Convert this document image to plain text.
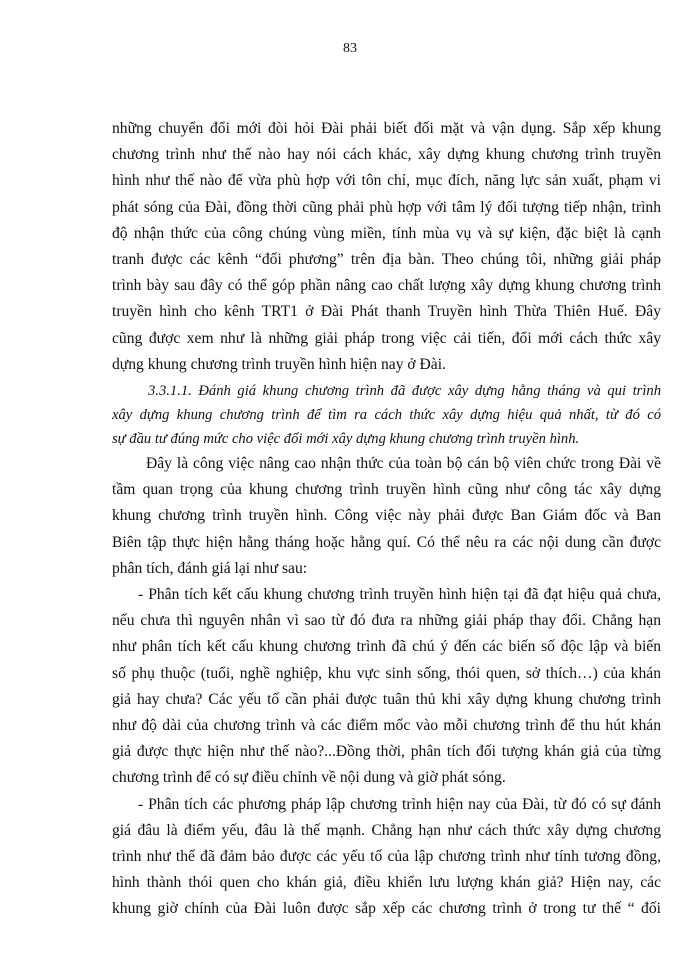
83

những chuyển đổi mới đòi hỏi Đài phải biết đối mặt và vận dụng. Sắp xếp khung
chương trình như thế nào hay nói cách khác, xây dựng khung chương trình truyền
hình như thế nào để vừa phù hợp với tôn chỉ, mục đích, năng lực sản xuất, phạm vi
phát sóng của Đài, đồng thời cũng phải phù hợp với tâm lý đối tượng tiếp nhận, trình
độ nhận thức của công chúng vùng miền, tính mùa vụ và sự kiện, đặc biệt là cạnh
tranh được các kênh “đối phương” trên địa bàn. Theo chúng tôi, những giải pháp
trình bày sau đây có thể góp phần nâng cao chất lượng xây dựng khung chương trình
truyền hình cho kênh TRT1 ở Đài Phát thanh Truyền hình Thừa Thiên Huế. Đây
cũng được xem như là những giải pháp trong việc cải tiến, đổi mới cách thức xây
dựng khung chương trình truyền hình hiện nay ở Đài.

3.3.1.1. Đánh giá khung chương trình đã được xây dựng hằng tháng và qui trình
xây dựng khung chương trình để tìm ra cách thức xây dựng hiệu quả nhất, từ đó có
sự đầu tư đúng mức cho việc đổi mới xây dựng khung chương trình truyền hình.

Đây là công việc nâng cao nhận thức của toàn bộ cán bộ viên chức trong Đài về
tầm quan trọng của khung chương trình truyền hình cũng như công tác xây dựng
khung chương trình truyền hình. Công việc này phải được Ban Giám đốc và Ban
Biên tập thực hiện hằng tháng hoặc hằng quí. Có thể nêu ra các nội dung cần được
phân tích, đánh giá lại như sau:

- Phân tích kết cấu khung chương trình truyền hình hiện tại đã đạt hiệu quả chưa,
nếu chưa thì nguyên nhân vì sao từ đó đưa ra những giải pháp thay đổi. Chẳng hạn
như phân tích kết cấu khung chương trình đã chú ý đến các biến số độc lập và biến
số phụ thuộc (tuổi, nghề nghiệp, khu vực sinh sống, thói quen, sở thích…) của khán
giả hay chưa? Các yếu tố cần phải được tuân thủ khi xây dựng khung chương trình
như độ dài của chương trình và các điểm mốc vào mỗi chương trình để thu hút khán
giả được thực hiện như thế nào?...Đồng thời, phân tích đối tượng khán giả của từng
chương trình để có sự điều chỉnh về nội dung và giờ phát sóng.

- Phân tích các phương pháp lập chương trình hiện nay của Đài, từ đó có sự đánh
giá đâu là điểm yếu, đâu là thế mạnh. Chẳng hạn như cách thức xây dựng chương
trình như thế đã đảm bảo được các yếu tố của lập chương trình như tính tương đồng,
hình thành thói quen cho khán giả, điều khiển lưu lượng khán giả? Hiện nay, các
khung giờ chính của Đài luôn được sắp xếp các chương trình ở trong tư thế “ đối
